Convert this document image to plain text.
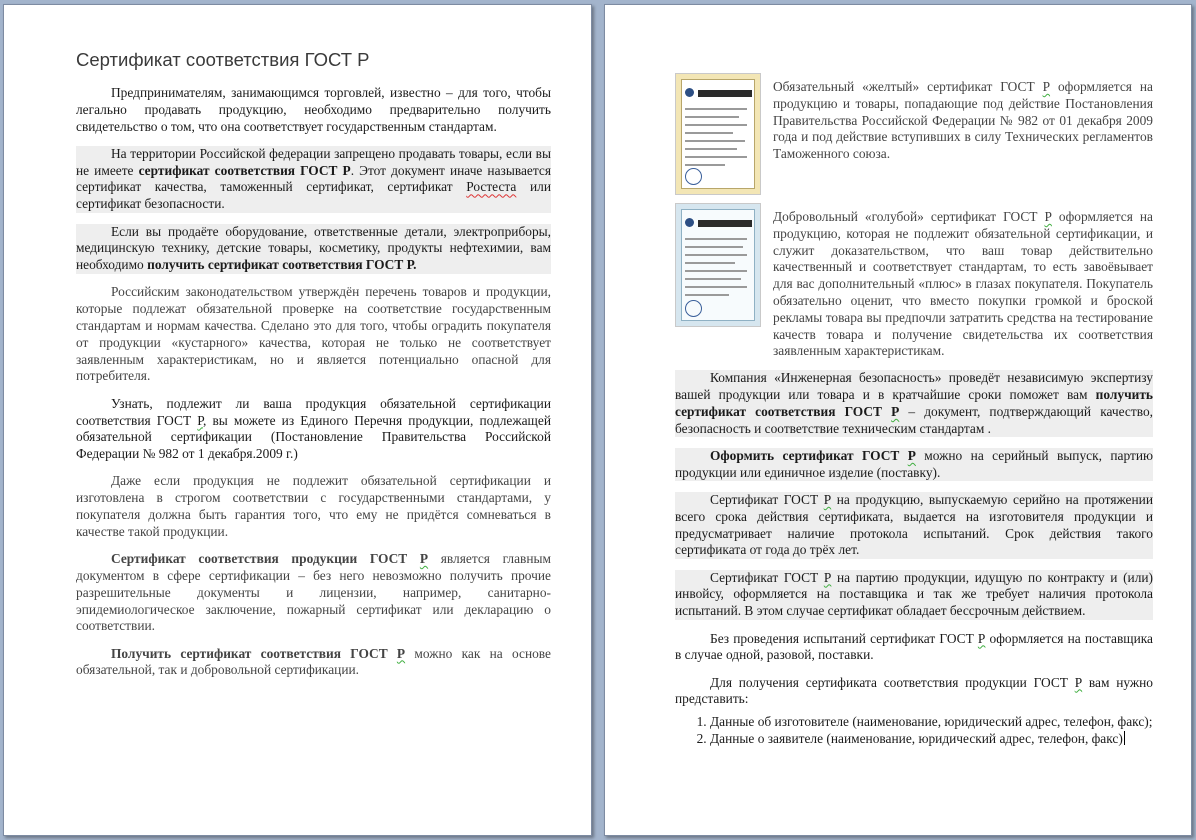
Сертификат соответствия ГОСТ Р

Предпринимателям, занимающимся торговлей, известно – для того, чтобы легально продавать продукцию, необходимо предварительно получить свидетельство о том, что она соответствует государственным стандартам.

На территории Российской федерации запрещено продавать товары, если вы не имеете сертификат соответствия ГОСТ Р. Этот документ иначе называется сертификат качества, таможенный сертификат, сертификат Ростеста или сертификат безопасности.

Если вы продаёте оборудование, ответственные детали, электроприборы, медицинскую технику, детские товары, косметику, продукты нефтехимии, вам необходимо получить сертификат соответствия ГОСТ Р.

Российским законодательством утверждён перечень товаров и продукции, которые подлежат обязательной проверке на соответствие государственным стандартам и нормам качества. Сделано это для того, чтобы оградить покупателя от продукции «кустарного» качества, которая не только не соответствует заявленным характеристикам, но и является потенциально опасной для потребителя.

Узнать, подлежит ли ваша продукция обязательной сертификации соответствия ГОСТ Р, вы можете из Единого Перечня продукции, подлежащей обязательной сертификации (Постановление Правительства Российской Федерации № 982 от 1 декабря.2009 г.)

Даже если продукция не подлежит обязательной сертификации и изготовлена в строгом соответствии с государственными стандартами, у покупателя должна быть гарантия того, что ему не придётся сомневаться в качестве такой продукции.

Сертификат соответствия продукции ГОСТ Р является главным документом в сфере сертификации – без него невозможно получить прочие разрешительные документы и лицензии, например, санитарно-эпидемиологическое заключение, пожарный сертификат или декларацию о соответствии.

Получить сертификат соответствия ГОСТ Р можно как на основе обязательной, так и добровольной сертификации.

Обязательный «желтый» сертификат ГОСТ Р оформляется на продукцию и товары, попадающие под действие Постановления Правительства Российской Федерации № 982 от 01 декабря 2009 года и под действие вступивших в силу Технических регламентов Таможенного союза.
Добровольный «голубой» сертификат ГОСТ Р оформляется на продукцию, которая не подлежит обязательной сертификации, и служит доказательством, что ваш товар действительно качественный и соответствует стандартам, то есть завоёвывает для вас дополнительный «плюс» в глазах покупателя. Покупатель обязательно оценит, что вместо покупки громкой и броской рекламы товара вы предпочли затратить средства на тестирование качеств товара и получение свидетельства их соответствия заявленным характеристикам.

Компания «Инженерная безопасность» проведёт независимую экспертизу вашей продукции или товара и в кратчайшие сроки поможет вам получить сертификат соответствия ГОСТ Р – документ, подтверждающий качество, безопасность и соответствие техническим стандартам .

Оформить сертификат ГОСТ Р можно на серийный выпуск, партию продукции или единичное изделие (поставку).

Сертификат ГОСТ Р на продукцию, выпускаемую серийно на протяжении всего срока действия сертификата, выдается на изготовителя продукции и предусматривает наличие протокола испытаний. Срок действия такого сертификата от года до трёх лет.

Сертификат ГОСТ Р на партию продукции, идущую по контракту и (или) инвойсу, оформляется на поставщика и так же требует наличия протокола испытаний. В этом случае сертификат обладает бессрочным действием.

Без проведения испытаний сертификат ГОСТ Р оформляется на поставщика в случае одной, разовой, поставки.

Для получения сертификата соответствия продукции ГОСТ Р вам нужно представить:

1. Данные об изготовителе (наименование, юридический адрес, телефон, факс);
2. Данные о заявителе (наименование, юридический адрес, телефон, факс)
